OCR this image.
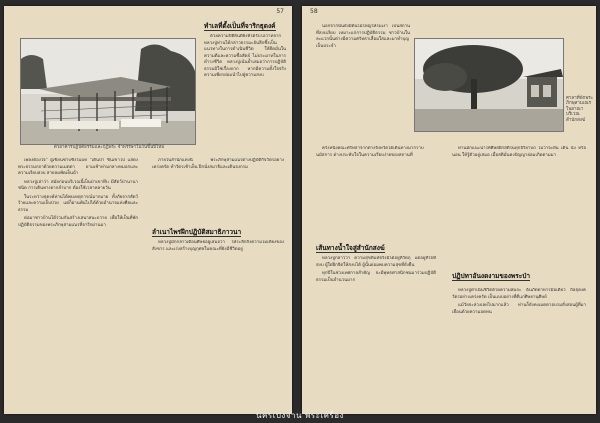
57
ตัวอาคารปฏิบัติธรรมและกุฏิพระ จำพรรษาในวันขึ้นปีใหม่
ทำเลที่ตั้งเป็นที่จาริกธุดงค์

ด้วยความปีติยินดียิ่งที่ได้รับโอวาทจากหลวงปู่ท่านได้กล่าวธรรมะอันลึกซึ้งเป็นแนวทางในการดำเนินชีวิต ให้ยึดมั่นในความดีและความซื่อสัตย์ ไม่ประมาทในการดำรงชีวิต หลวงปู่เน้นย้ำเสมอว่าการปฏิบัติธรรมมิใช่เรื่องยาก หากมีความตั้งใจจริง ความเพียรย่อมนำไปสู่ความสงบ

เพลงต้องใจ" ผู้เขียนซาบซึ้งในบท "เดินป่า ขึ้นเขาไป แสดงพระธรรมกถาด้วยความเมตตา ยามเช้าท่ามกลางหมอกและความเงียบสงบ สายลมพัดเย็นฉ่ำ

หลวงปู่เล่าว่า สมัยก่อนบริเวณนี้เป็นป่าเขาทึบ มีสัตว์ป่านานาชนิด การเดินทางยากลำบาก ต้องใช้เวลาหลายวัน

ในระหว่างธุดงค์ท่านได้พบเหตุการณ์มากมาย ทั้งภัยจากสัตว์ร้ายและความเจ็บป่วย แต่ก็ผ่านพ้นไปได้ด้วยอำนาจแห่งศีลและธรรม

ต่อมาชาวบ้านได้ร่วมกันสร้างเสนาสนะถวาย เพื่อให้เป็นที่พักปฏิบัติธรรมของพระภิกษุสามเณรที่จาริกผ่านมา

ลำเนาไพรฝึกปฏิบัติสมาธิภาวนา

ภายในสำนักแห่งนี้ พระภิกษุสามเณรต่างปฏิบัติกิจวัตรอย่างเคร่งครัด ทำวัตรเช้าเย็น ฝึกนั่งสมาธิและเดินจงกรม

หลวงปู่มักกล่าวเตือนศิษย์อยู่เสมอว่า ให้ระลึกถึงความไม่เที่ยงของสังขาร และเร่งสร้างบุญกุศลในขณะที่ยังมีชีวิตอยู่

58
ศาลาที่พักพระภิกษุสามเณรในอาณาบริเวณสำนักสงฆ์

นอกจากนั้นยังมีต้นไม้ใหญ่ให้ร่มเงา เป็นสถานที่สงบเงียบ เหมาะแก่การปฏิบัติธรรม ชาวบ้านในละแวกนั้นต่างมีความศรัทธาเลื่อมใสและมาทำบุญเป็นประจำ

ครั้งหนึ่งคณะศรัทธาจากต่างจังหวัดได้เดินทางมากราบนมัสการ ต่างประทับใจในความเรียบง่ายของสถานที่

เส้นทางน้ำใจสู่สำนักสงฆ์

หลวงปู่กล่าวว่า ความสุขที่แท้จริงมิได้อยู่ที่วัตถุ แต่อยู่ที่ใจที่สงบ ผู้ใดฝึกจิตให้สงบได้ ผู้นั้นย่อมพบความสุขที่ยั่งยืน

ทุกปีในช่วงเทศกาลสำคัญ จะมีพุทธศาสนิกชนมาร่วมปฏิบัติธรรมเป็นจำนวนมาก

ท่านมักแนะนำให้ศิษย์ฝึกสติในทุกอิริยาบถ ไม่ว่าจะยืน เดิน นั่ง หรือนอน ให้รู้ตัวอยู่เสมอ เมื่อสติมั่นคงปัญญาย่อมเกิดตามมา

ปฏิปทาอันงดงามของพระป่า

หลวงปู่ดำเนินชีวิตด้วยความสมถะ ฉันภัตตาหารมื้อเดียว ถือธุดงควัตรอย่างเคร่งครัด เป็นแบบอย่างที่ดีแก่ศิษยานุศิษย์

แม้วัยจะล่วงเลยไปมากแล้ว ท่านก็ยังคงเมตตาอบรมสั่งสอนผู้ที่มาเยือนด้วยความอดทน

นครเปงจาน พระเครื่อง
